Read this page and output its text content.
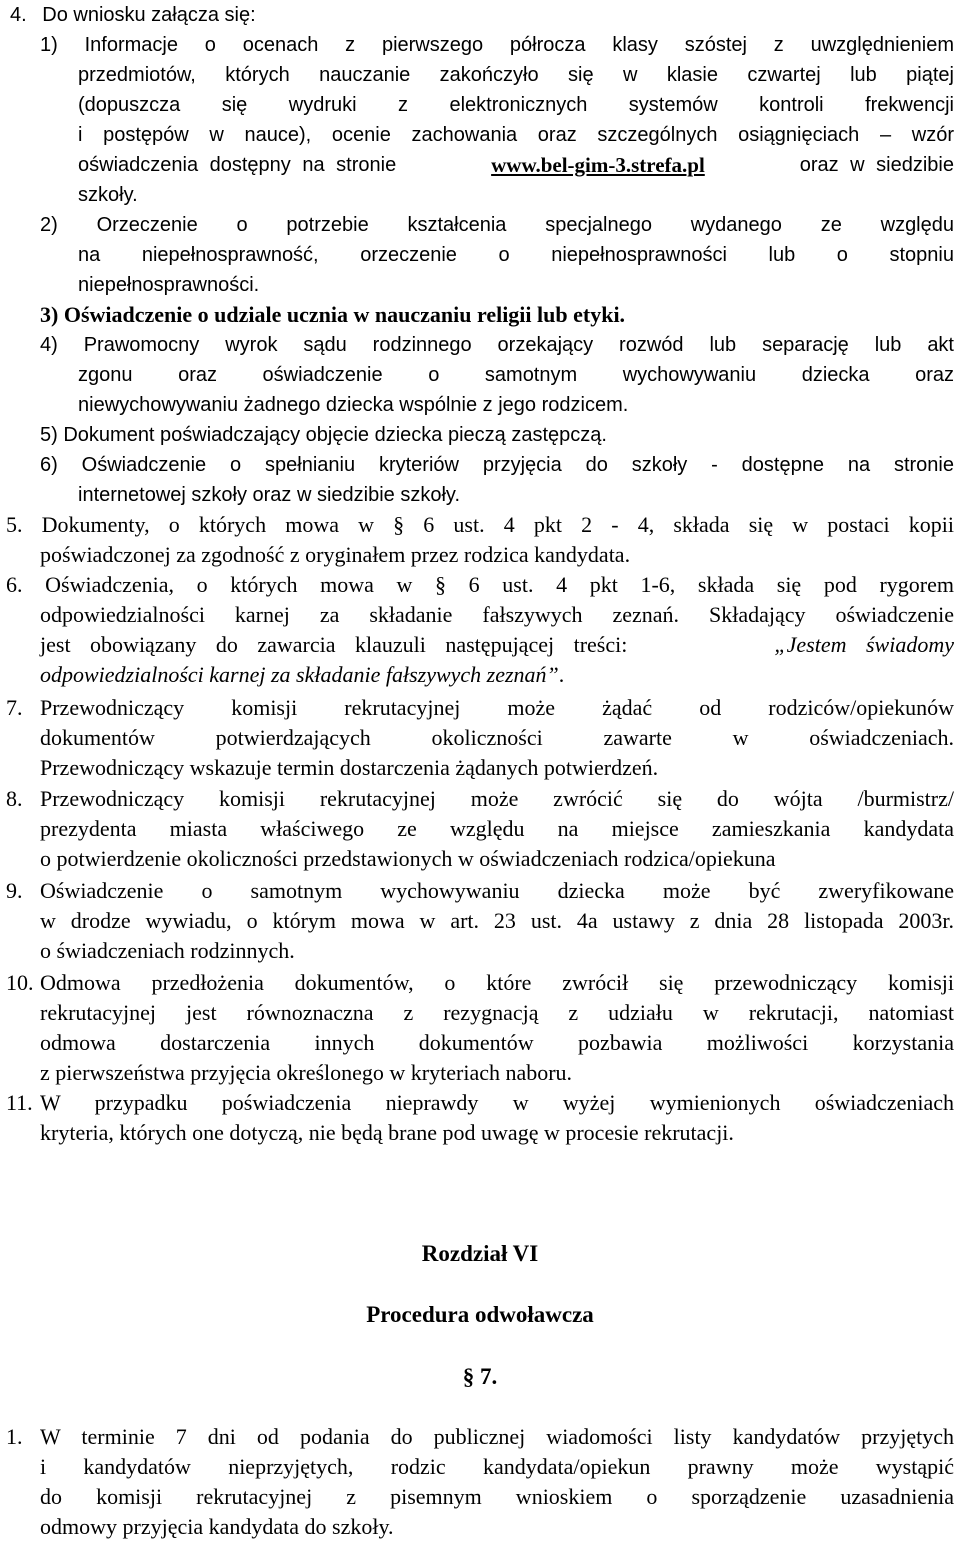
4. Do wniosku załącza się:
1) Informacje o ocenach z pierwszego półrocza klasy szóstej z uwzględnieniem
przedmiotów, których nauczanie zakończyło się w klasie czwartej lub piątej
(dopuszcza się wydruki z elektronicznych systemów kontroli frekwencji
i postępów w nauce), ocenie zachowania oraz szczególnych osiągnięciach – wzór
oświadczenia dostępny na stronie	www.bel-gim-3.strefa.pl	oraz w siedzibie
szkoły.
2) Orzeczenie o potrzebie kształcenia specjalnego wydanego ze względu
na niepełnosprawność, orzeczenie o niepełnosprawności lub o stopniu
niepełnosprawności.
3) Oświadczenie o udziale ucznia w nauczaniu religii lub etyki.
4) Prawomocny wyrok sądu rodzinnego orzekający rozwód lub separację lub akt
zgonu oraz oświadczenie o samotnym wychowywaniu dziecka oraz
niewychowywaniu żadnego dziecka wspólnie z jego rodzicem.
5) Dokument poświadczający objęcie dziecka pieczą zastępczą.
6) Oświadczenie o spełnianiu kryteriów przyjęcia do szkoły - dostępne na stronie
internetowej szkoły oraz w siedzibie szkoły.
5. Dokumenty, o których mowa w § 6 ust. 4 pkt 2 - 4, składa się w postaci kopii
poświadczonej za zgodność z oryginałem przez rodzica kandydata.
6. Oświadczenia, o których mowa w § 6 ust. 4 pkt 1-6, składa się pod rygorem
odpowiedzialności karnej za składanie fałszywych zeznań. Składający oświadczenie
jest obowiązany do zawarcia klauzuli następującej treści:	„Jestem świadomy
odpowiedzialności karnej za składanie fałszywych zeznań”.
7. Przewodniczący komisji rekrutacyjnej może żądać od rodziców/opiekunów
dokumentów potwierdzających okoliczności zawarte w oświadczeniach.
Przewodniczący wskazuje termin dostarczenia żądanych potwierdzeń.
8. Przewodniczący komisji rekrutacyjnej może zwrócić się do wójta /burmistrz/
prezydenta miasta właściwego ze względu na miejsce zamieszkania kandydata
o potwierdzenie okoliczności przedstawionych w oświadczeniach rodzica/opiekuna
9. Oświadczenie o samotnym wychowywaniu dziecka może być zweryfikowane
w drodze wywiadu, o którym mowa w art. 23 ust. 4a ustawy z dnia 28 listopada 2003r.
o świadczeniach rodzinnych.
10. Odmowa przedłożenia dokumentów, o które zwrócił się przewodniczący komisji
rekrutacyjnej jest równoznaczna z rezygnacją z udziału w rekrutacji, natomiast
odmowa dostarczenia innych dokumentów pozbawia możliwości korzystania
z pierwszeństwa przyjęcia określonego w kryteriach naboru.
11. W przypadku poświadczenia nieprawdy w wyżej wymienionych oświadczeniach
kryteria, których one dotyczą, nie będą brane pod uwagę w procesie rekrutacji.
Rozdział VI
Procedura odwoławcza
§ 7.
1. W terminie 7 dni od podania do publicznej wiadomości listy kandydatów przyjętych
i kandydatów nieprzyjętych, rodzic kandydata/opiekun prawny może wystąpić
do komisji rekrutacyjnej z pisemnym wnioskiem o sporządzenie uzasadnienia
odmowy przyjęcia kandydata do szkoły.
